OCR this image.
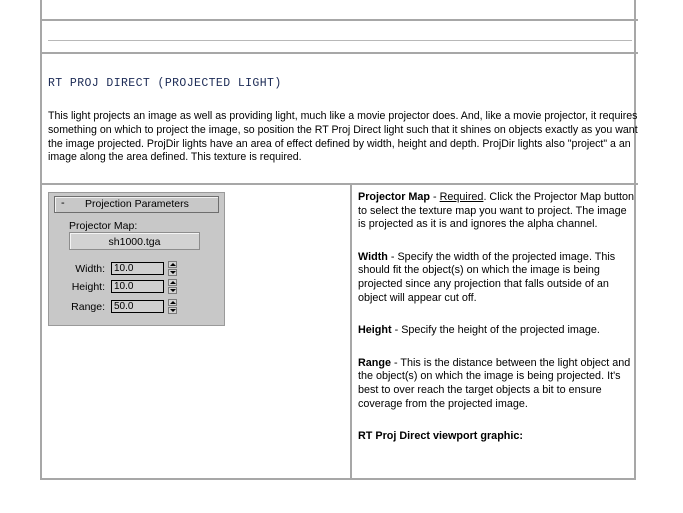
RT PROJ DIRECT (PROJECTED LIGHT)
This light projects an image as well as providing light, much like a movie projector does. And, like a movie projector, it requires something on which to project the image, so position the RT Proj Direct light such that it shines on objects exactly as you want the image projected. ProjDir lights have an area of effect defined by width, height and depth. ProjDir lights also "project" a an image along the area defined. This texture is required.
- Projection Parameters
Projector Map:
sh1000.tga
Width: 10.0
Height: 10.0
Range: 50.0

Projector Map - Required. Click the Projector Map button to select the texture map you want to project. The image is projected as it is and ignores the alpha channel.

Width - Specify the width of the projected image. This should fit the object(s) on which the image is being projected since any projection that falls outside of an object will appear cut off.

Height - Specify the height of the projected image.

Range - This is the distance between the light object and the object(s) on which the image is being projected. It's best to over reach the target objects a bit to ensure coverage from the projected image.

RT Proj Direct viewport graphic:
